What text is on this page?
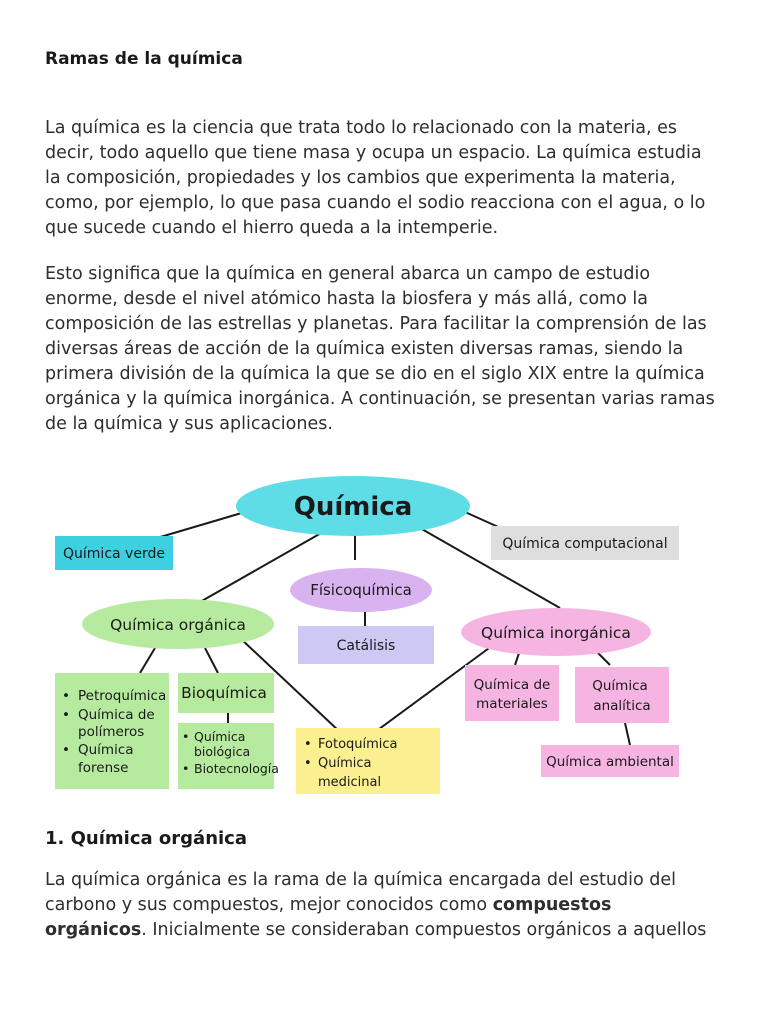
Ramas de la química

La química es la ciencia que trata todo lo relacionado con la materia, es
decir, todo aquello que tiene masa y ocupa un espacio. La química estudia
la composición, propiedades y los cambios que experimenta la materia,
como, por ejemplo, lo que pasa cuando el sodio reacciona con el agua, o lo
que sucede cuando el hierro queda a la intemperie.

Esto significa que la química en general abarca un campo de estudio
enorme, desde el nivel atómico hasta la biosfera y más allá, como la
composición de las estrellas y planetas. Para facilitar la comprensión de las
diversas áreas de acción de la química existen diversas ramas, siendo la
primera división de la química la que se dio en el siglo XIX entre la química
orgánica y la química inorgánica. A continuación, se presentan varias ramas
de la química y sus aplicaciones.

Química
Química verde
Química computacional
Físicoquímica
Catálisis
Química orgánica	Química inorgánica
• Petroquímica
• Química de
polímeros
• Química
forense
Bioquímica
• Química
biológica
• Biotecnología
• Fotoquímica
• Química
medicinal
Química de
materiales
Química
analítica
Química ambiental
1. Química orgánica

La química orgánica es la rama de la química encargada del estudio del
carbono y sus compuestos, mejor conocidos como compuestos
orgánicos. Inicialmente se consideraban compuestos orgánicos a aquellos
